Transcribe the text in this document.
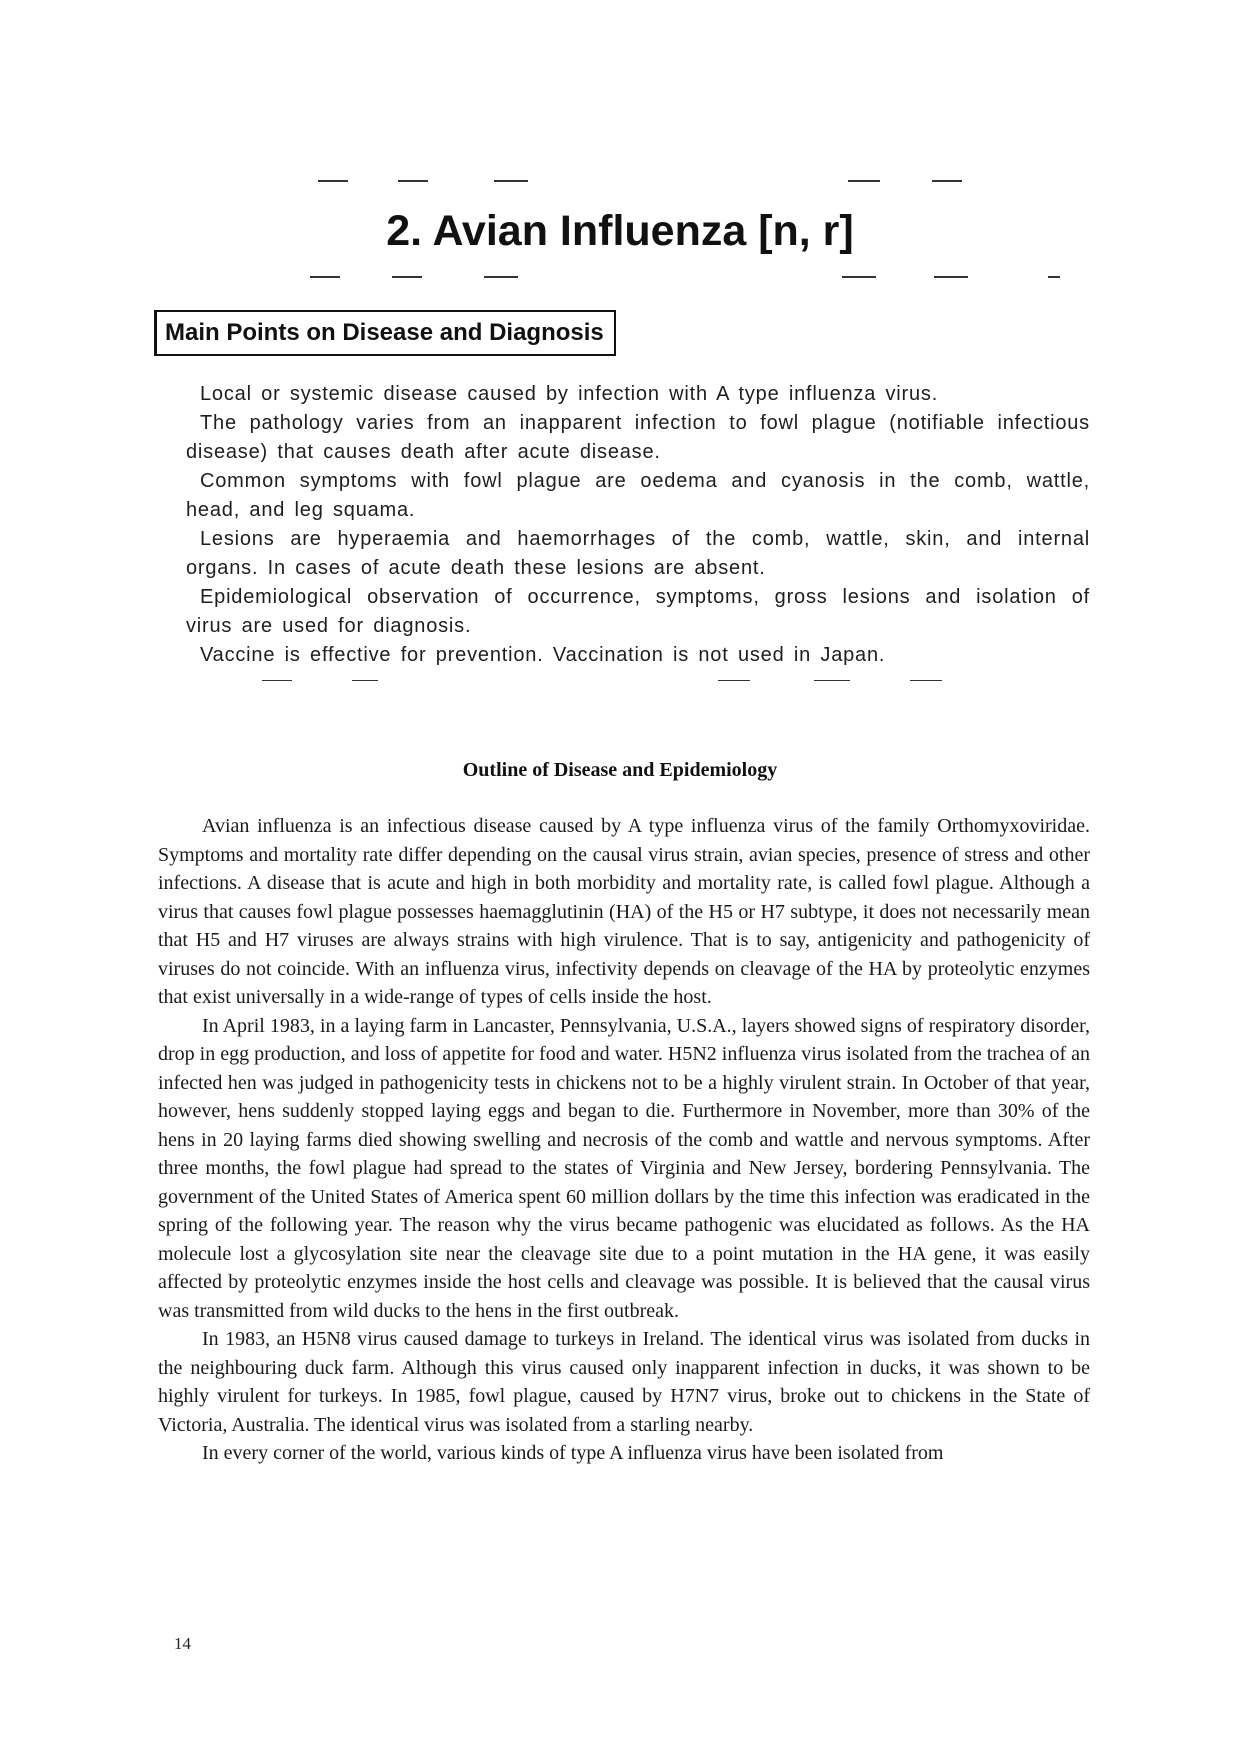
2. Avian Influenza [n, r]
Main Points on Disease and Diagnosis
Local or systemic disease caused by infection with A type influenza virus.
The pathology varies from an inapparent infection to fowl plague (notifiable infectious disease) that causes death after acute disease.
Common symptoms with fowl plague are oedema and cyanosis in the comb, wattle, head, and leg squama.
Lesions are hyperaemia and haemorrhages of the comb, wattle, skin, and internal organs. In cases of acute death these lesions are absent.
Epidemiological observation of occurrence, symptoms, gross lesions and isolation of virus are used for diagnosis.
Vaccine is effective for prevention. Vaccination is not used in Japan.
Outline of Disease and Epidemiology

Avian influenza is an infectious disease caused by A type influenza virus of the family Orthomyxoviridae. Symptoms and mortality rate differ depending on the causal virus strain, avian species, presence of stress and other infections. A disease that is acute and high in both morbidity and mortality rate, is called fowl plague. Although a virus that causes fowl plague possesses haemagglutinin (HA) of the H5 or H7 subtype, it does not necessarily mean that H5 and H7 viruses are always strains with high virulence. That is to say, antigenicity and pathogenicity of viruses do not coincide. With an influenza virus, infectivity depends on cleavage of the HA by proteolytic enzymes that exist universally in a wide-range of types of cells inside the host.

In April 1983, in a laying farm in Lancaster, Pennsylvania, U.S.A., layers showed signs of respiratory disorder, drop in egg production, and loss of appetite for food and water. H5N2 influenza virus isolated from the trachea of an infected hen was judged in pathogenicity tests in chickens not to be a highly virulent strain. In October of that year, however, hens suddenly stopped laying eggs and began to die. Furthermore in November, more than 30% of the hens in 20 laying farms died showing swelling and necrosis of the comb and wattle and nervous symptoms. After three months, the fowl plague had spread to the states of Virginia and New Jersey, bordering Pennsylvania. The government of the United States of America spent 60 million dollars by the time this infection was eradicated in the spring of the following year. The reason why the virus became pathogenic was elucidated as follows. As the HA molecule lost a glycosylation site near the cleavage site due to a point mutation in the HA gene, it was easily affected by proteolytic enzymes inside the host cells and cleavage was possible. It is believed that the causal virus was transmitted from wild ducks to the hens in the first outbreak.

In 1983, an H5N8 virus caused damage to turkeys in Ireland. The identical virus was isolated from ducks in the neighbouring duck farm. Although this virus caused only inapparent infection in ducks, it was shown to be highly virulent for turkeys. In 1985, fowl plague, caused by H7N7 virus, broke out to chickens in the State of Victoria, Australia. The identical virus was isolated from a starling nearby.

In every corner of the world, various kinds of type A influenza virus have been isolated from

14
